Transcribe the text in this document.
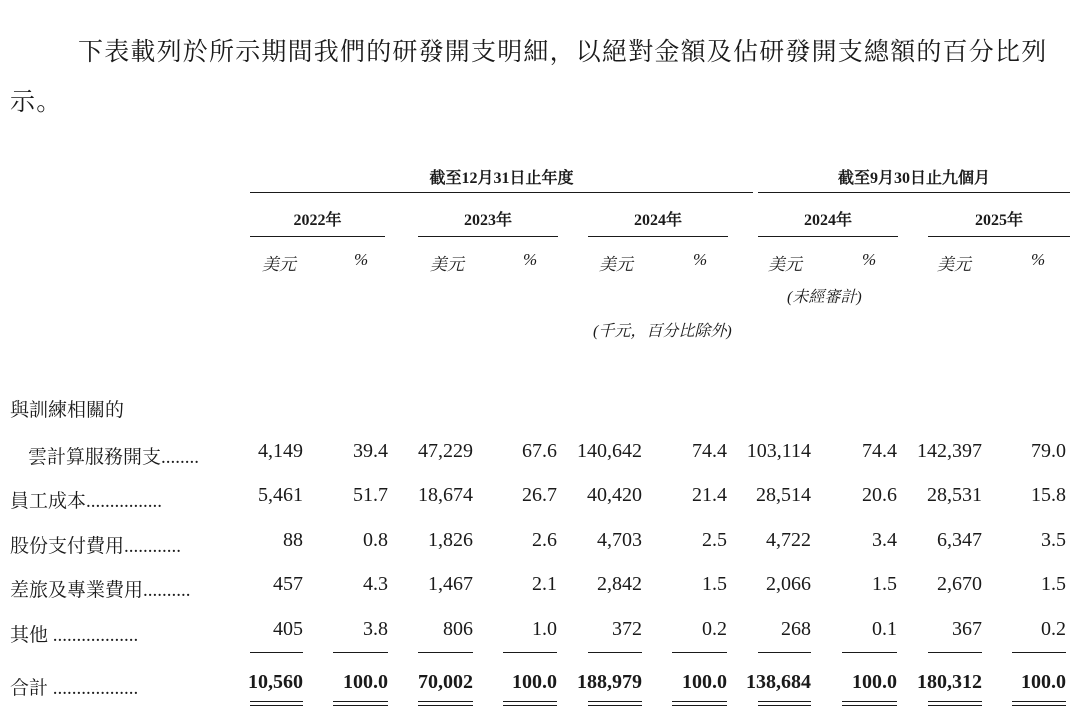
下表載列於所示期間我們的研發開支明細，以絕對金額及佔研發開支總額的百分比列示。

截至12月31日止年度	截至9月30日止九個月
2022年	2023年	2024年	2024年	2025年
美元	%	美元	%	美元	%	美元	%	美元	%
(未經審計)
(千元，百分比除外)
與訓練相關的
雲計算服務開支........	4,149	39.4 47,229 67.6 140,642	74.4 103,114	74.4 142,397 79.0
員工成本................	5,461	51.7 18,674 26.7 40,420	21.4 28,514	20.6 28,531 15.8
股份支付費用............	88	0.8 1,826	2.6 4,703	2.5 4,722	3.4 6,347	3.5
差旅及專業費用..........	457	4.3 1,467	2.1 2,842	1.5 2,066	1.5 2,670	1.5
其他 ..................	405	3.8	806	1.0	372	0.2	268	0.1	367	0.2
合計 ..................	10,560 100.0 70,002 100.0 188,979 100.0 138,684 100.0 180,312 100.0
